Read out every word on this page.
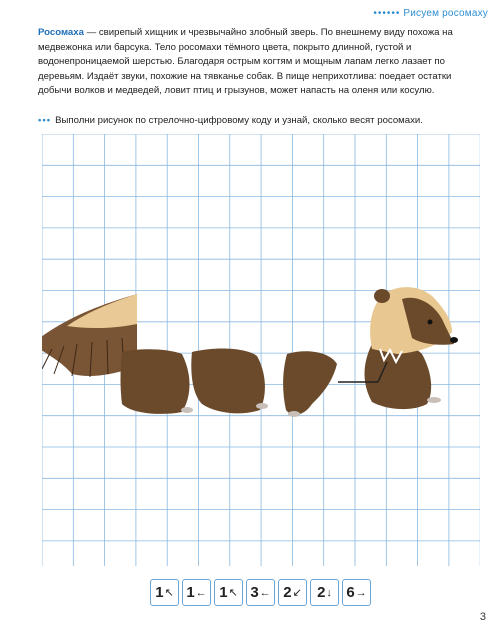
•••••• Рисуем росомаху
Росомаха — свирепый хищник и чрезвычайно злобный зверь. По внешнему виду похожа на медвежонка или барсука. Тело росомахи тёмного цвета, покрыто длинной, густой и водонепроницаемой шерстью. Благодаря острым когтям и мощным лапам легко лазает по деревьям. Издаёт звуки, похожие на тявканье собак. В пище неприхотлива: поедает остатки добычи волков и медведей, ловит птиц и грызунов, может напасть на оленя или косулю.
••• Выполни рисунок по стрелочно-цифровому коду и узнай, сколько весят росомахи.
1 ↖ 1 ← 1 ↖ 3 ← 2 ↙ 2 ↓ 6 →
3
